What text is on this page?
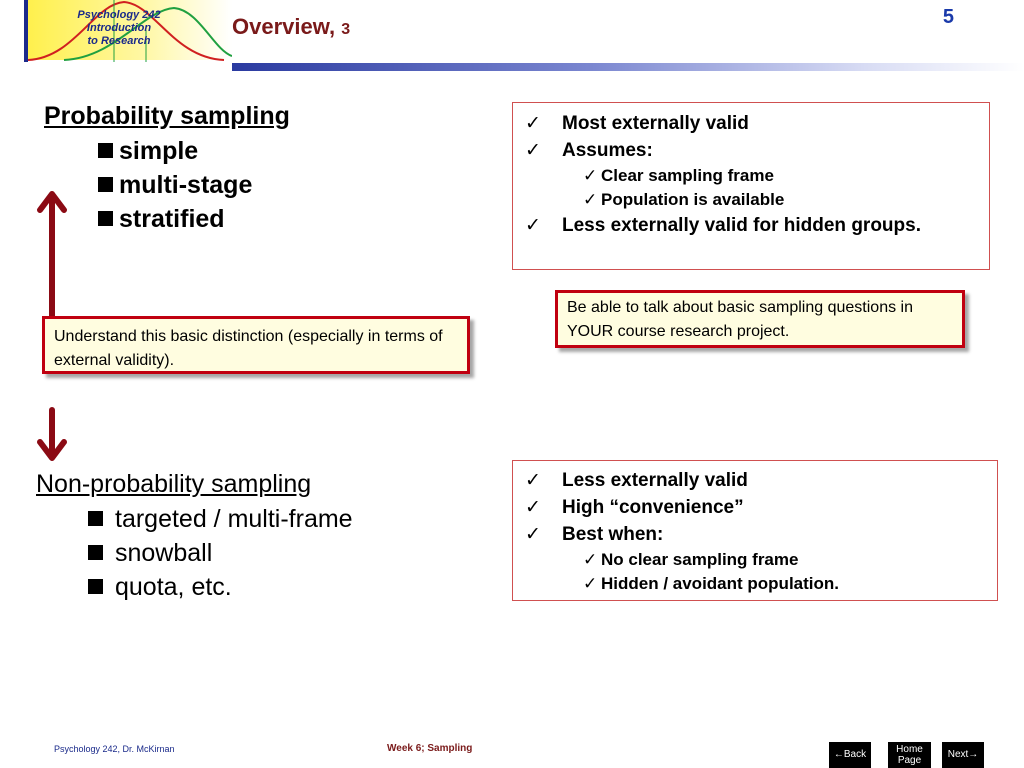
Psychology 242
Introduction
to Research
Overview, 3
5
Probability sampling
simple
multi-stage
stratified
Understand this basic distinction (especially in terms of external validity).
Be able to talk about basic sampling questions in YOUR course research project.
✓ Most externally valid
✓ Assumes:
✓ Clear sampling frame
✓ Population is available
✓ Less externally valid for hidden groups.
Non-probability sampling
targeted / multi-frame
snowball
quota, etc.
✓ Less externally valid
✓ High “convenience”
✓ Best when:
✓ No clear sampling frame
✓ Hidden / avoidant population.
Psychology 242, Dr. McKirnan	Week 6; Sampling
←Back	Home
Page
Next→
